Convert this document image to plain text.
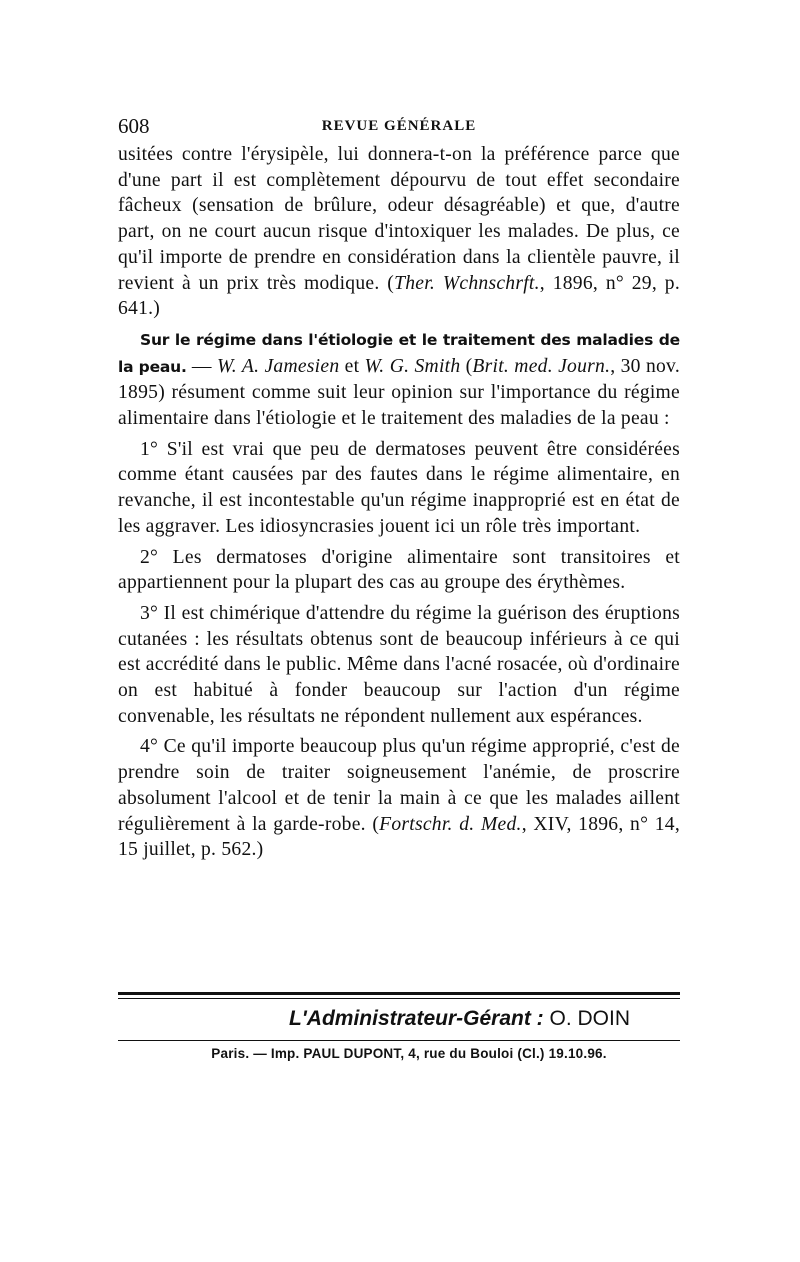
608	REVUE GÉNÉRALE

usitées contre l'érysipèle, lui donnera-t-on la préférence parce que d'une part il est complètement dépourvu de tout effet secondaire fâcheux (sensation de brûlure, odeur désagréable) et que, d'autre part, on ne court aucun risque d'intoxiquer les malades. De plus, ce qu'il importe de prendre en considération dans la clientèle pauvre, il revient à un prix très modique. (Ther. Wchnschrft., 1896, n° 29, p. 641.)

Sur le régime dans l'étiologie et le traitement des maladies de la peau. — W. A. Jamesien et W. G. Smith (Brit. med. Journ., 30 nov. 1895) résument comme suit leur opinion sur l'importance du régime alimentaire dans l'étiologie et le traitement des maladies de la peau :

1° S'il est vrai que peu de dermatoses peuvent être considérées comme étant causées par des fautes dans le régime alimentaire, en revanche, il est incontestable qu'un régime inapproprié est en état de les aggraver. Les idiosyncrasies jouent ici un rôle très important.

2° Les dermatoses d'origine alimentaire sont transitoires et appartiennent pour la plupart des cas au groupe des érythèmes.

3° Il est chimérique d'attendre du régime la guérison des éruptions cutanées : les résultats obtenus sont de beaucoup inférieurs à ce qui est accrédité dans le public. Même dans l'acné rosacée, où d'ordinaire on est habitué à fonder beaucoup sur l'action d'un régime convenable, les résultats ne répondent nullement aux espérances.

4° Ce qu'il importe beaucoup plus qu'un régime approprié, c'est de prendre soin de traiter soigneusement l'anémie, de proscrire absolument l'alcool et de tenir la main à ce que les malades aillent régulièrement à la garde-robe. (Fortschr. d. Med., XIV, 1896, n° 14, 15 juillet, p. 562.)

L'Administrateur-Gérant : O. DOIN
Paris. — Imp. PAUL DUPONT, 4, rue du Bouloi (Cl.) 19.10.96.
